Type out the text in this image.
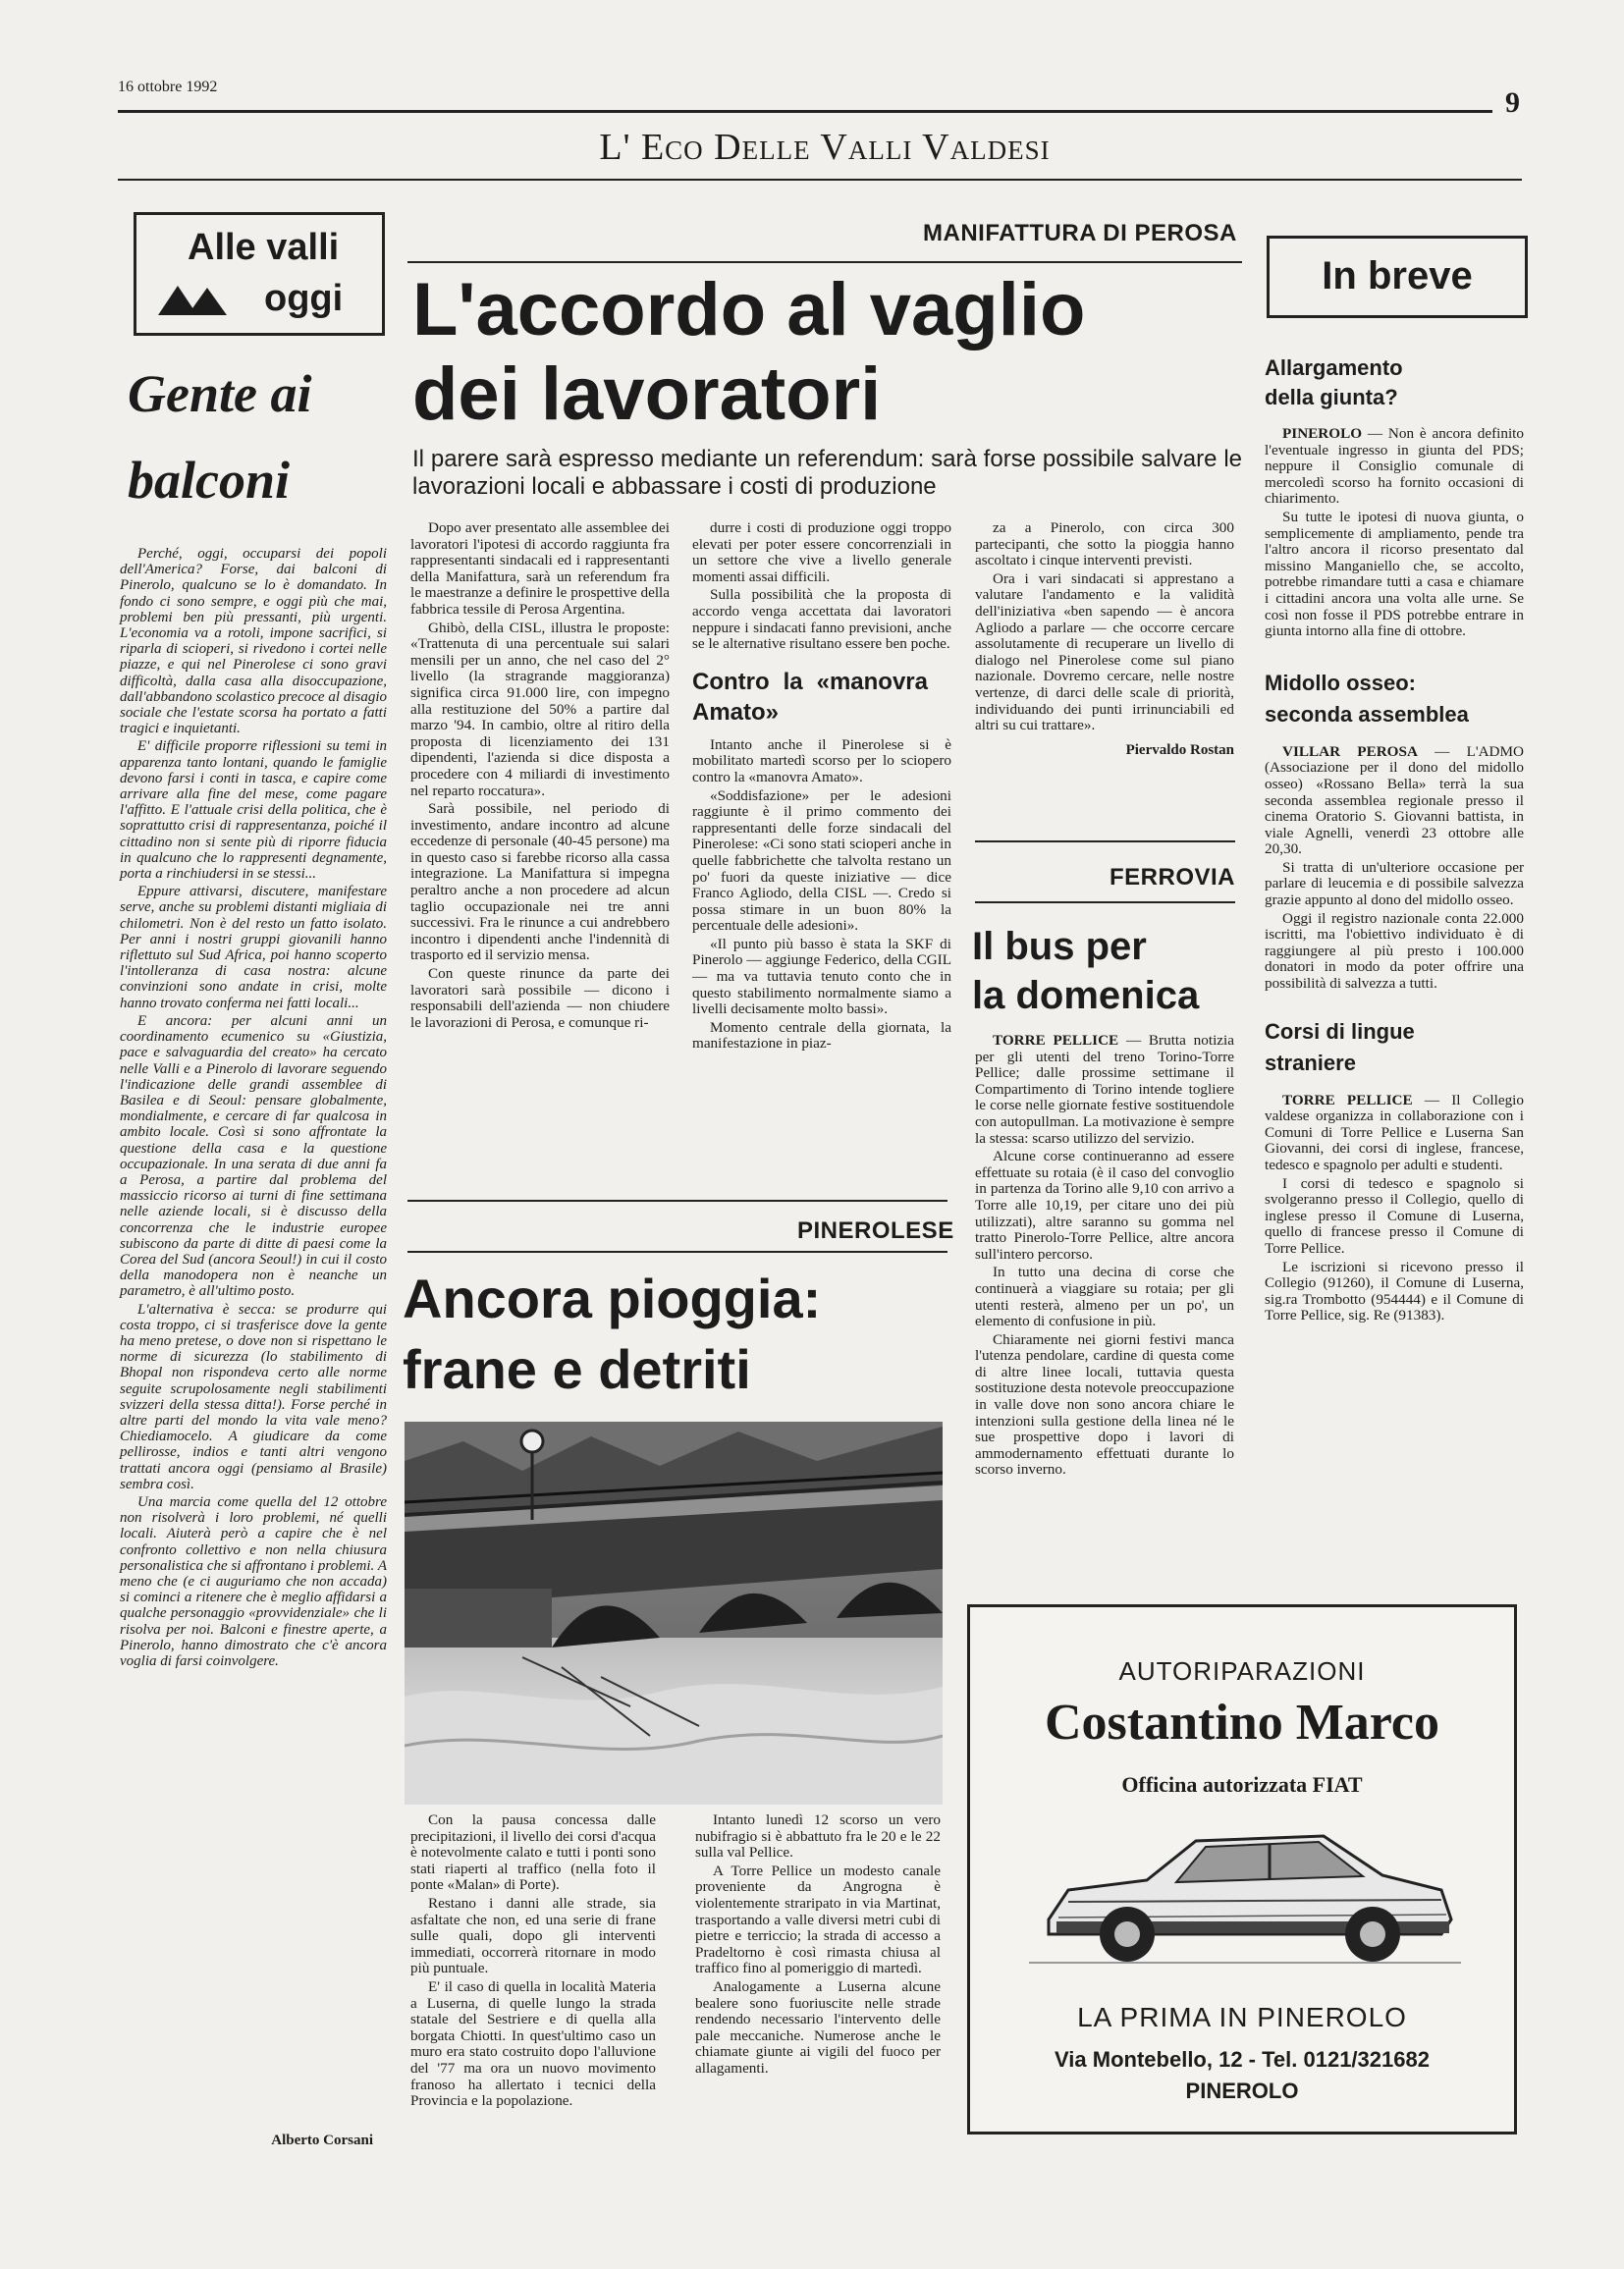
16 ottobre 1992	9
L' Eco Delle Valli Valdesi
Alle valli
oggi
Gente ai
balconi

Perché, oggi, occuparsi dei popoli dell'America? Forse, dai balconi di Pinerolo, qualcuno se lo è domandato. In fondo ci sono sempre, e oggi più che mai, problemi ben più pressanti, più urgenti. L'economia va a rotoli, impone sacrifici, si riparla di scioperi, si rivedono i cortei nelle piazze, e qui nel Pinerolese ci sono gravi difficoltà, dalla casa alla disoccupazione, dall'abbandono scolastico precoce al disagio sociale che l'estate scorsa ha portato a fatti tragici e inquietanti.

E' difficile proporre riflessioni su temi in apparenza tanto lontani, quando le famiglie devono farsi i conti in tasca, e capire come arrivare alla fine del mese, come pagare l'affitto. E l'attuale crisi della politica, che è soprattutto crisi di rappresentanza, poiché il cittadino non si sente più di riporre fiducia in qualcuno che lo rappresenti degnamente, porta a rinchiudersi in se stessi...

Eppure attivarsi, discutere, manifestare serve, anche su problemi distanti migliaia di chilometri. Non è del resto un fatto isolato. Per anni i nostri gruppi giovanili hanno riflettuto sul Sud Africa, poi hanno scoperto l'intolleranza di casa nostra: alcune convinzioni sono andate in crisi, molte hanno trovato conferma nei fatti locali...

E ancora: per alcuni anni un coordinamento ecumenico su «Giustizia, pace e salvaguardia del creato» ha cercato nelle Valli e a Pinerolo di lavorare seguendo l'indicazione delle grandi assemblee di Basilea e di Seoul: pensare globalmente, mondialmente, e cercare di far qualcosa in ambito locale. Così si sono affrontate la questione della casa e la questione occupazionale. In una serata di due anni fa a Perosa, a partire dal problema del massiccio ricorso ai turni di fine settimana nelle aziende locali, si è discusso della concorrenza che le industrie europee subiscono da parte di ditte di paesi come la Corea del Sud (ancora Seoul!) in cui il costo della manodopera non è neanche un parametro, è all'ultimo posto.

L'alternativa è secca: se produrre qui costa troppo, ci si trasferisce dove la gente ha meno pretese, o dove non si rispettano le norme di sicurezza (lo stabilimento di Bhopal non rispondeva certo alle norme seguite scrupolosamente negli stabilimenti svizzeri della stessa ditta!). Forse perché in altre parti del mondo la vita vale meno? Chiediamocelo. A giudicare da come pellirosse, indios e tanti altri vengono trattati ancora oggi (pensiamo al Brasile) sembra così.

Una marcia come quella del 12 ottobre non risolverà i loro problemi, né quelli locali. Aiuterà però a capire che è nel confronto collettivo e non nella chiusura personalistica che si affrontano i problemi. A meno che (e ci auguriamo che non accada) si cominci a ritenere che è meglio affidarsi a qualche personaggio «provvidenziale» che li risolva per noi. Balconi e finestre aperte, a Pinerolo, hanno dimostrato che c'è ancora voglia di farsi coinvolgere.

Alberto Corsani
MANIFATTURA DI PEROSA
L'accordo al vaglio
dei lavoratori
Il parere sarà espresso mediante un referendum: sarà forse possibile salvare le lavorazioni locali e abbassare i costi di produzione

Dopo aver presentato alle assemblee dei lavoratori l'ipotesi di accordo raggiunta fra rappresentanti sindacali ed i rappresentanti della Manifattura, sarà un referendum fra le maestranze a definire le prospettive della fabbrica tessile di Perosa Argentina.

Ghibò, della CISL, illustra le proposte: «Trattenuta di una percentuale sui salari mensili per un anno, che nel caso del 2° livello (la stragrande maggioranza) significa circa 91.000 lire, con impegno alla restituzione del 50% a partire dal marzo '94. In cambio, oltre al ritiro della proposta di licenziamento dei 131 dipendenti, l'azienda si dice disposta a procedere con 4 miliardi di investimento nel reparto roccatura».

Sarà possibile, nel periodo di investimento, andare incontro ad alcune eccedenze di personale (40-45 persone) ma in questo caso si farebbe ricorso alla cassa integrazione. La Manifattura si impegna peraltro anche a non procedere ad alcun taglio occupazionale nei tre anni successivi. Fra le rinunce a cui andrebbero incontro i dipendenti anche l'indennità di trasporto ed il servizio mensa.

Con queste rinunce da parte dei lavoratori sarà possibile — dicono i responsabili dell'azienda — non chiudere le lavorazioni di Perosa, e comunque ri-

durre i costi di produzione oggi troppo elevati per poter essere concorrenziali in un settore che vive a livello generale momenti assai difficili.

Sulla possibilità che la proposta di accordo venga accettata dai lavoratori neppure i sindacati fanno previsioni, anche se le alternative risultano essere ben poche.

Contro la «manovra Amato»

Intanto anche il Pinerolese si è mobilitato martedì scorso per lo sciopero contro la «manovra Amato».

«Soddisfazione» per le adesioni raggiunte è il primo commento dei rappresentanti delle forze sindacali del Pinerolese: «Ci sono stati scioperi anche in quelle fabbrichette che talvolta restano un po' fuori da queste iniziative — dice Franco Agliodo, della CISL —. Credo si possa stimare in un buon 80% la percentuale delle adesioni».

«Il punto più basso è stata la SKF di Pinerolo — aggiunge Federico, della CGIL — ma va tuttavia tenuto conto che in questo stabilimento normalmente siamo a livelli decisamente molto bassi».

Momento centrale della giornata, la manifestazione in piaz-

za a Pinerolo, con circa 300 partecipanti, che sotto la pioggia hanno ascoltato i cinque interventi previsti.

Ora i vari sindacati si apprestano a valutare l'andamento e la validità dell'iniziativa «ben sapendo — è ancora Agliodo a parlare — che occorre cercare assolutamente di recuperare un livello di dialogo nel Pinerolese come sul piano nazionale. Dovremo cercare, nelle nostre vertenze, di darci delle scale di priorità, individuando dei punti irrinunciabili ed altri su cui trattare».

Piervaldo Rostan
PINEROLESE
Ancora pioggia:
frane e detriti

Con la pausa concessa dalle precipitazioni, il livello dei corsi d'acqua è notevolmente calato e tutti i ponti sono stati riaperti al traffico (nella foto il ponte «Malan» di Porte).

Restano i danni alle strade, sia asfaltate che non, ed una serie di frane sulle quali, dopo gli interventi immediati, occorrerà ritornare in modo più puntuale.

E' il caso di quella in località Materia a Luserna, di quelle lungo la strada statale del Sestriere e di quella alla borgata Chiotti. In quest'ultimo caso un muro era stato costruito dopo l'alluvione del '77 ma ora un nuovo movimento franoso ha allertato i tecnici della Provincia e la popolazione.

Intanto lunedì 12 scorso un vero nubifragio si è abbattuto fra le 20 e le 22 sulla val Pellice.

A Torre Pellice un modesto canale proveniente da Angrogna è violentemente straripato in via Martinat, trasportando a valle diversi metri cubi di pietre e terriccio; la strada di accesso a Pradeltorno è così rimasta chiusa al traffico fino al pomeriggio di martedì.

Analogamente a Luserna alcune bealere sono fuoriuscite nelle strade rendendo necessario l'intervento delle pale meccaniche. Numerose anche le chiamate giunte ai vigili del fuoco per allagamenti.

FERROVIA
Il bus per
la domenica

TORRE PELLICE — Brutta notizia per gli utenti del treno Torino-Torre Pellice; dalle prossime settimane il Compartimento di Torino intende togliere le corse nelle giornate festive sostituendole con autopullman. La motivazione è sempre la stessa: scarso utilizzo del servizio.

Alcune corse continueranno ad essere effettuate su rotaia (è il caso del convoglio in partenza da Torino alle 9,10 con arrivo a Torre alle 10,19, per citare uno dei più utilizzati), altre saranno su gomma nel tratto Pinerolo-Torre Pellice, altre ancora sull'intero percorso.

In tutto una decina di corse che continuerà a viaggiare su rotaia; per gli utenti resterà, almeno per un po', un elemento di confusione in più.

Chiaramente nei giorni festivi manca l'utenza pendolare, cardine di questa come di altre linee locali, tuttavia questa sostituzione desta notevole preoccupazione in valle dove non sono ancora chiare le intenzioni sulla gestione della linea né le sue prospettive dopo i lavori di ammodernamento effettuati durante lo scorso inverno.

In breve
Allargamento
della giunta?

PINEROLO — Non è ancora definito l'eventuale ingresso in giunta del PDS; neppure il Consiglio comunale di mercoledì scorso ha fornito occasioni di chiarimento.

Su tutte le ipotesi di nuova giunta, o semplicemente di ampliamento, pende tra l'altro ancora il ricorso presentato dal missino Manganiello che, se accolto, potrebbe rimandare tutti a casa e chiamare i cittadini ancora una volta alle urne. Se così non fosse il PDS potrebbe entrare in giunta intorno alla fine di ottobre.

Midollo osseo:
seconda assemblea

VILLAR PEROSA — L'ADMO (Associazione per il dono del midollo osseo) «Rossano Bella» terrà la sua seconda assemblea regionale presso il cinema Oratorio S. Giovanni battista, in viale Agnelli, venerdì 23 ottobre alle 20,30.

Si tratta di un'ulteriore occasione per parlare di leucemia e di possibile salvezza grazie appunto al dono del midollo osseo.

Oggi il registro nazionale conta 22.000 iscritti, ma l'obiettivo individuato è di raggiungere al più presto i 100.000 donatori in modo da poter offrire una possibilità di salvezza a tutti.

Corsi di lingue
straniere

TORRE PELLICE — Il Collegio valdese organizza in collaborazione con i Comuni di Torre Pellice e Luserna San Giovanni, dei corsi di inglese, francese, tedesco e spagnolo per adulti e studenti.

I corsi di tedesco e spagnolo si svolgeranno presso il Collegio, quello di inglese presso il Comune di Luserna, quello di francese presso il Comune di Torre Pellice.

Le iscrizioni si ricevono presso il Collegio (91260), il Comune di Luserna, sig.ra Trombotto (954444) e il Comune di Torre Pellice, sig. Re (91383).

AUTORIPARAZIONI
Costantino Marco
Officina autorizzata FIAT
LA PRIMA IN PINEROLO
Via Montebello, 12 - Tel. 0121/321682
PINEROLO
